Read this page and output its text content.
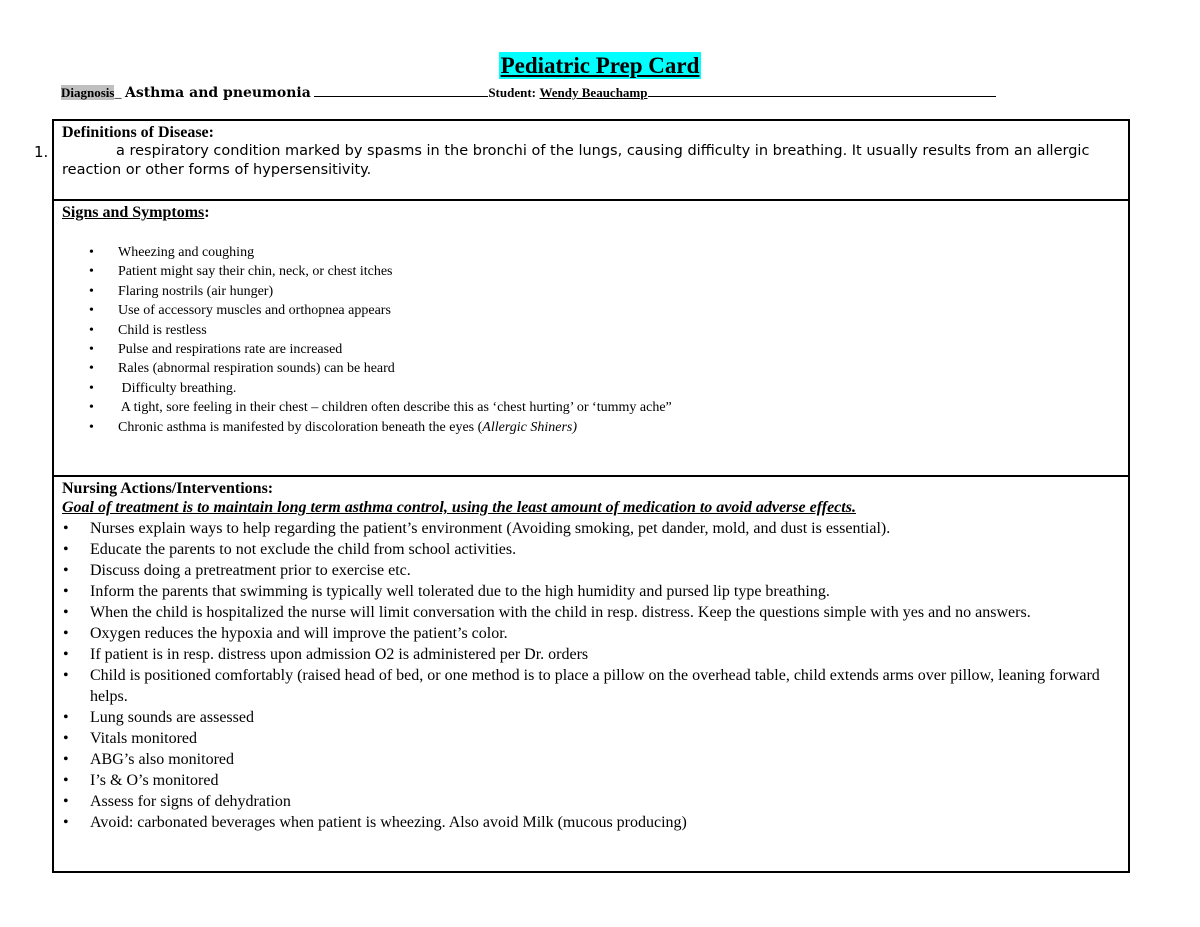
Pediatric Prep Card
Diagnosis_ Asthma and pneumonia	Student: Wendy Beauchamp
1.
Definitions of Disease:

a respiratory condition marked by spasms in the bronchi of the lungs, causing difficulty in breathing. It usually results from an allergic reaction or other forms of hypersensitivity.

Signs and Symptoms:
• Wheezing and coughing
• Patient might say their chin, neck, or chest itches
• Flaring nostrils (air hunger)
• Use of accessory muscles and orthopnea appears
• Child is restless
• Pulse and respirations rate are increased
• Rales (abnormal respiration sounds) can be heard
• Difficulty breathing.
• A tight, sore feeling in their chest – children often describe this as ‘chest hurting’ or ‘tummy ache”
• Chronic asthma is manifested by discoloration beneath the eyes (Allergic Shiners)
Nursing Actions/Interventions:
Goal of treatment is to maintain long term asthma control, using the least amount of medication to avoid adverse effects.
• Nurses explain ways to help regarding the patient’s environment (Avoiding smoking, pet dander, mold, and dust is essential).
• Educate the parents to not exclude the child from school activities.
• Discuss doing a pretreatment prior to exercise etc.
• Inform the parents that swimming is typically well tolerated due to the high humidity and pursed lip type breathing.
• When the child is hospitalized the nurse will limit conversation with the child in resp. distress. Keep the questions simple with yes and no answers.
• Oxygen reduces the hypoxia and will improve the patient’s color.
• If patient is in resp. distress upon admission O2 is administered per Dr. orders
• Child is positioned comfortably (raised head of bed, or one method is to place a pillow on the overhead table, child extends arms over pillow, leaning forward helps.
• Lung sounds are assessed
• Vitals monitored
• ABG’s also monitored
• I’s & O’s monitored
• Assess for signs of dehydration
• Avoid: carbonated beverages when patient is wheezing. Also avoid Milk (mucous producing)
